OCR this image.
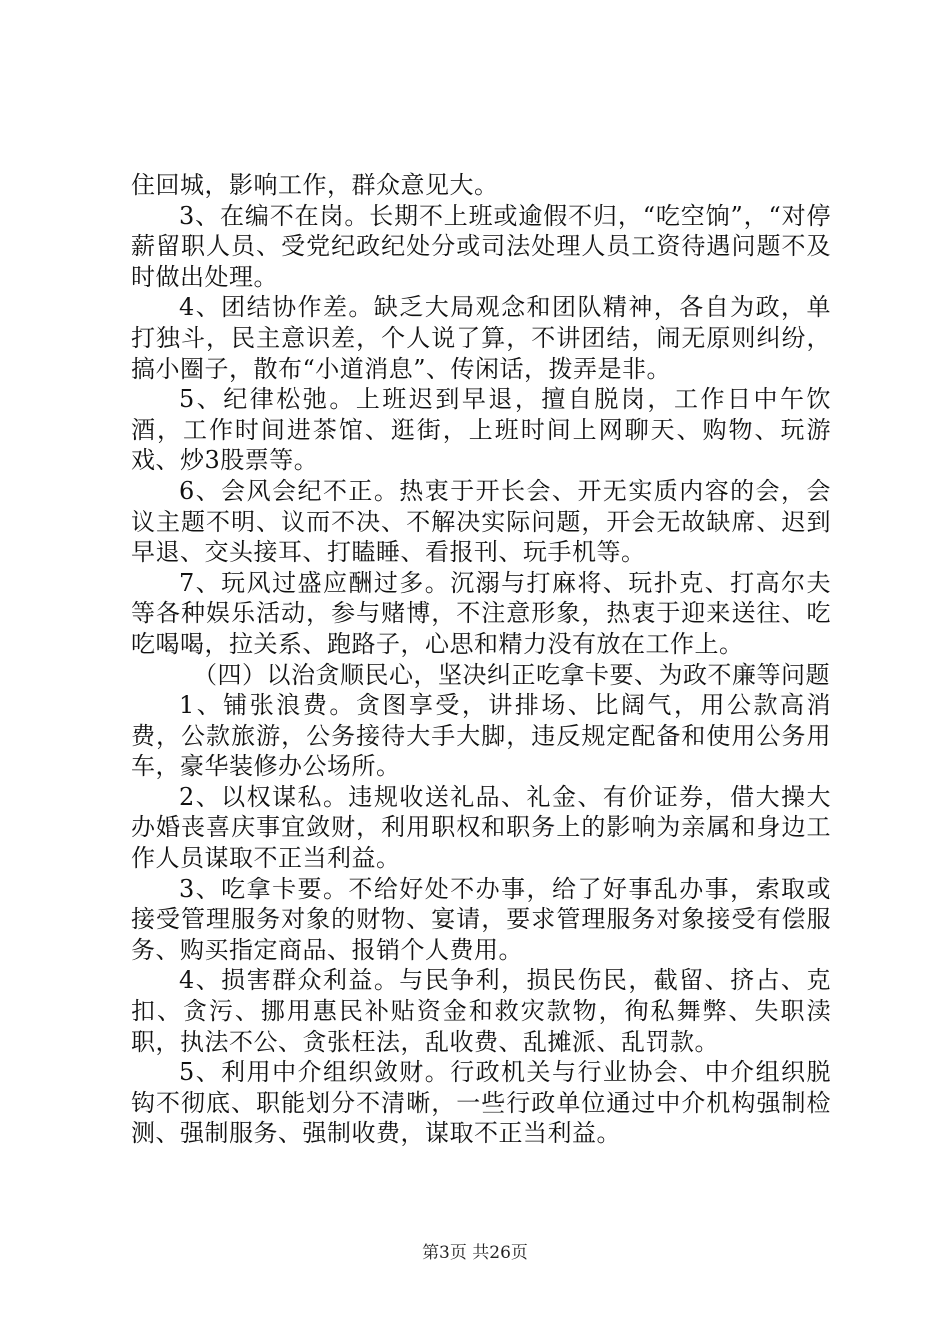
住回城，影响工作，群众意见大。

3、在编不在岗。长期不上班或逾假不归，“吃空饷”，“对停薪留职人员、受党纪政纪处分或司法处理人员工资待遇问题不及时做出处理。

4、团结协作差。缺乏大局观念和团队精神，各自为政，单打独斗，民主意识差，个人说了算，不讲团结，闹无原则纠纷，搞小圈子，散布“小道消息”、传闲话，拨弄是非。

5、纪律松弛。上班迟到早退，擅自脱岗，工作日中午饮酒，工作时间进茶馆、逛街，上班时间上网聊天、购物、玩游戏、炒3股票等。

6、会风会纪不正。热衷于开长会、开无实质内容的会，会议主题不明、议而不决、不解决实际问题，开会无故缺席、迟到早退、交头接耳、打瞌睡、看报刊、玩手机等。

7、玩风过盛应酬过多。沉溺与打麻将、玩扑克、打高尔夫等各种娱乐活动，参与赌博，不注意形象，热衷于迎来送往、吃吃喝喝，拉关系、跑路子，心思和精力没有放在工作上。

（四）以治贪顺民心，坚决纠正吃拿卡要、为政不廉等问题

1、铺张浪费。贪图享受，讲排场、比阔气，用公款高消费，公款旅游，公务接待大手大脚，违反规定配备和使用公务用车，豪华装修办公场所。

2、以权谋私。违规收送礼品、礼金、有价证券，借大操大办婚丧喜庆事宜敛财，利用职权和职务上的影响为亲属和身边工作人员谋取不正当利益。

3、吃拿卡要。不给好处不办事，给了好事乱办事，索取或接受管理服务对象的财物、宴请，要求管理服务对象接受有偿服务、购买指定商品、报销个人费用。

4、损害群众利益。与民争利，损民伤民，截留、挤占、克扣、贪污、挪用惠民补贴资金和救灾款物，徇私舞弊、失职渎职，执法不公、贪张枉法，乱收费、乱摊派、乱罚款。

5、利用中介组织敛财。行政机关与行业协会、中介组织脱钩不彻底、职能划分不清晰，一些行政单位通过中介机构强制检测、强制服务、强制收费，谋取不正当利益。

第3页 共26页
